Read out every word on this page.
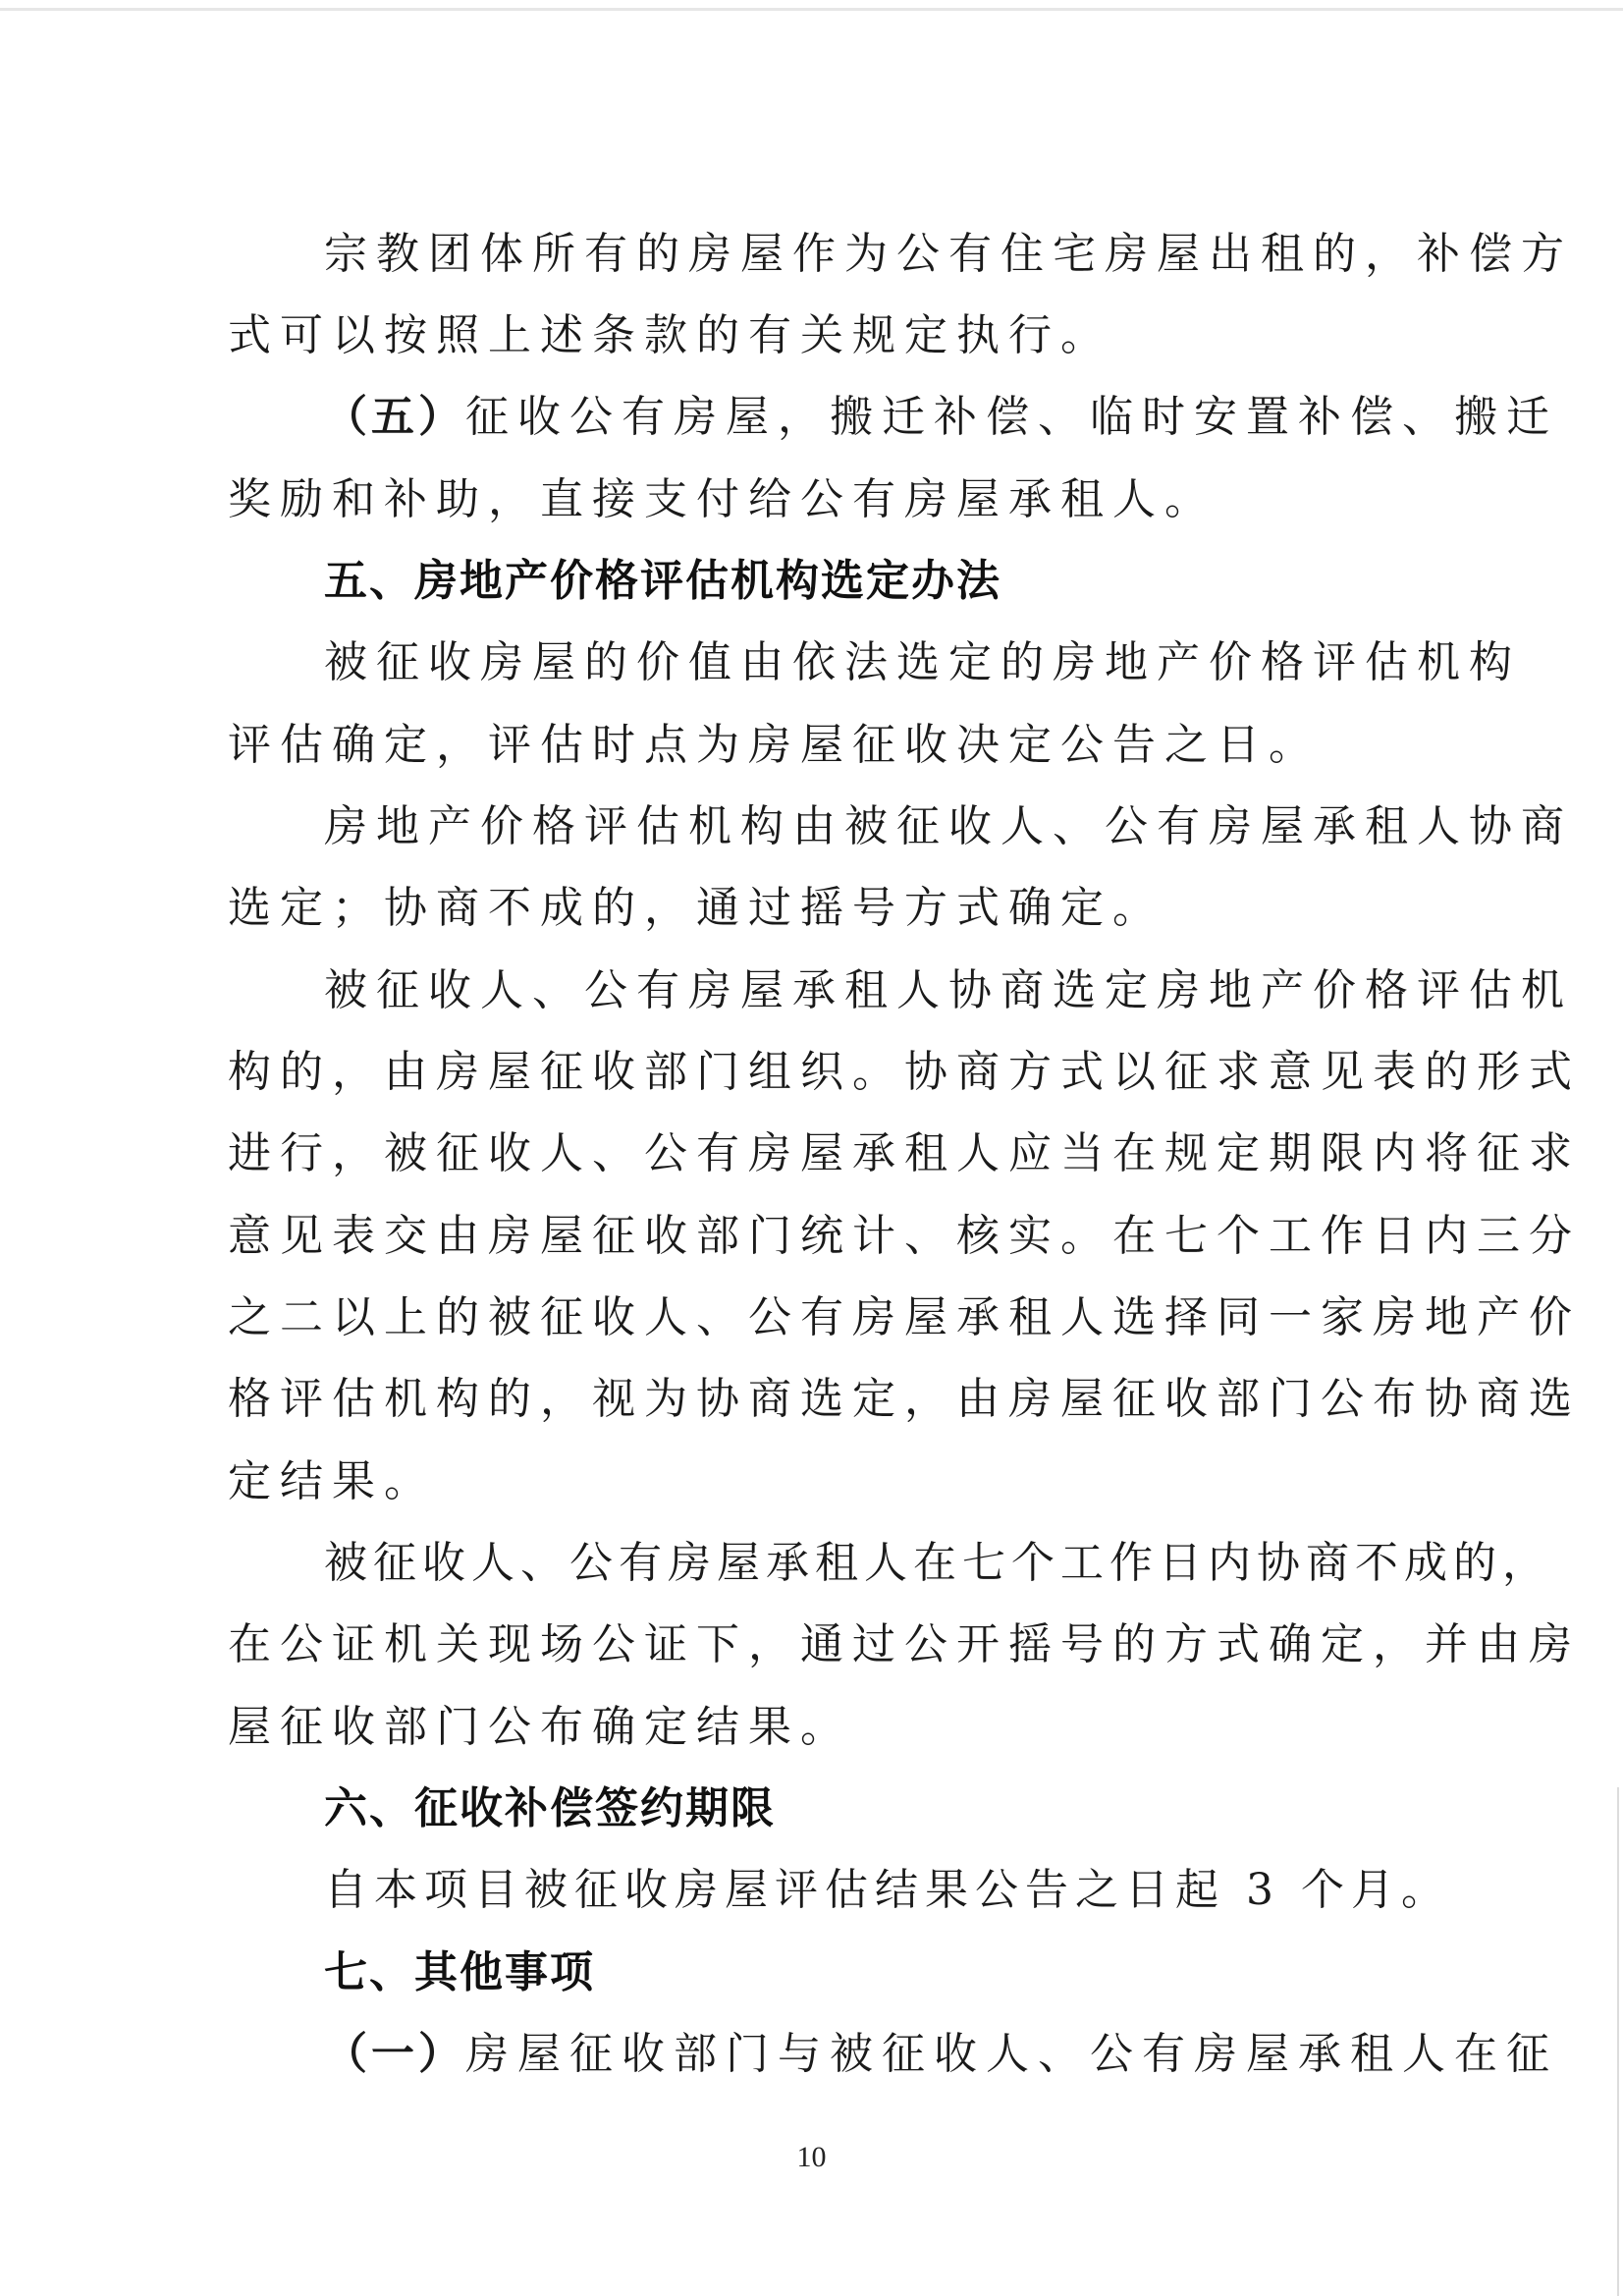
宗教团体所有的房屋作为公有住宅房屋出租的，补偿方
式可以按照上述条款的有关规定执行。
（五）征收公有房屋，搬迁补偿、临时安置补偿、搬迁
奖励和补助，直接支付给公有房屋承租人。
五、房地产价格评估机构选定办法
被征收房屋的价值由依法选定的房地产价格评估机构
评估确定，评估时点为房屋征收决定公告之日。
房地产价格评估机构由被征收人、公有房屋承租人协商
选定；协商不成的，通过摇号方式确定。
被征收人、公有房屋承租人协商选定房地产价格评估机
构的，由房屋征收部门组织。协商方式以征求意见表的形式
进行，被征收人、公有房屋承租人应当在规定期限内将征求
意见表交由房屋征收部门统计、核实。在七个工作日内三分
之二以上的被征收人、公有房屋承租人选择同一家房地产价
格评估机构的，视为协商选定，由房屋征收部门公布协商选
定结果。
被征收人、公有房屋承租人在七个工作日内协商不成的，
在公证机关现场公证下，通过公开摇号的方式确定，并由房
屋征收部门公布确定结果。
六、征收补偿签约期限
自本项目被征收房屋评估结果公告之日起 3 个月。
七、其他事项
（一）房屋征收部门与被征收人、公有房屋承租人在征
10
